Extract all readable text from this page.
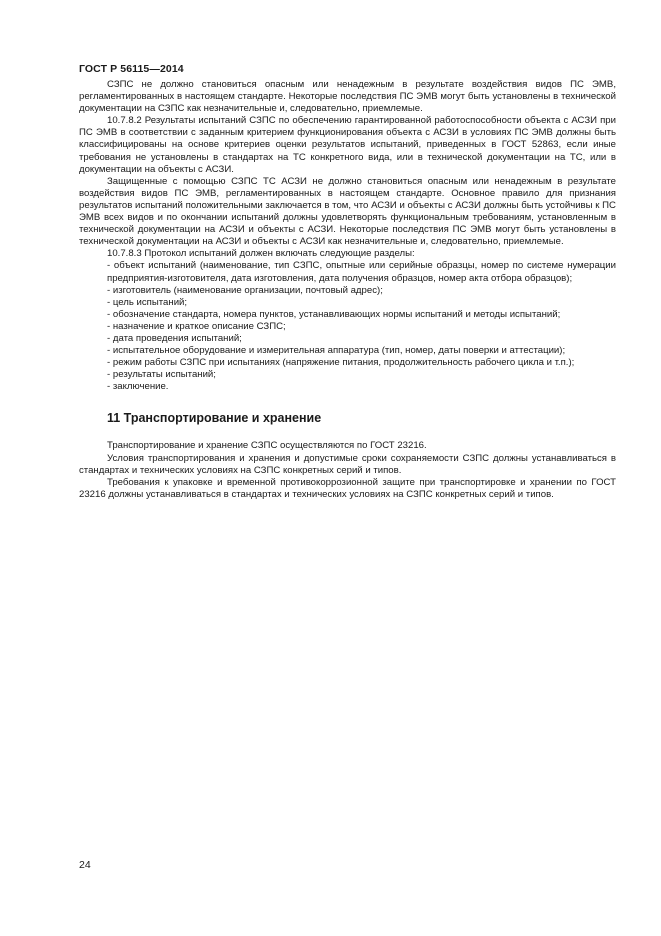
ГОСТ Р 56115—2014

СЗПС не должно становиться опасным или ненадежным в результате воздействия видов ПС ЭМВ, регламентированных в настоящем стандарте. Некоторые последствия ПС ЭМВ могут быть установлены в технической документации на СЗПС как незначительные и, следовательно, приемлемые.

10.7.8.2 Результаты испытаний СЗПС по обеспечению гарантированной работоспособности объекта с АСЗИ при ПС ЭМВ в соответствии с заданным критерием функционирования объекта с АСЗИ в условиях ПС ЭМВ должны быть классифицированы на основе критериев оценки результатов испытаний, приведенных в ГОСТ 52863, если иные требования не установлены в стандартах на ТС конкретного вида, или в технической документации на ТС, или в документации на объекты с АСЗИ.

Защищенные с помощью СЗПС ТС АСЗИ не должно становиться опасным или ненадежным в результате воздействия видов ПС ЭМВ, регламентированных в настоящем стандарте. Основное правило для признания результатов испытаний положительными заключается в том, что АСЗИ и объекты с АСЗИ должны быть устойчивы к ПС ЭМВ всех видов и по окончании испытаний должны удовлетворять функциональным требованиям, установленным в технической документации на АСЗИ и объекты с АСЗИ. Некоторые последствия ПС ЭМВ могут быть установлены в технической документации на АСЗИ и объекты с АСЗИ как незначительные и, следовательно, приемлемые.

10.7.8.3 Протокол испытаний должен включать следующие разделы:

- объект испытаний (наименование, тип СЗПС, опытные или серийные образцы, номер по системе нумерации предприятия-изготовителя, дата изготовления, дата получения образцов, номер акта отбора образцов);

- изготовитель (наименование организации, почтовый адрес);

- цель испытаний;

- обозначение стандарта, номера пунктов, устанавливающих нормы испытаний и методы испытаний;

- назначение и краткое описание СЗПС;

- дата проведения испытаний;

- испытательное оборудование и измерительная аппаратура (тип, номер, даты поверки и аттестации);

- режим работы СЗПС при испытаниях (напряжение питания, продолжительность рабочего цикла и т.п.);

- результаты испытаний;

- заключение.

11 Транспортирование и хранение

Транспортирование и хранение СЗПС осуществляются по ГОСТ 23216.

Условия транспортирования и хранения и допустимые сроки сохраняемости СЗПС должны устанавливаться в стандартах и технических условиях на СЗПС конкретных серий и типов.

Требования к упаковке и временной противокоррозионной защите при транспортировке и хранении по ГОСТ 23216 должны устанавливаться в стандартах и технических условиях на СЗПС конкретных серий и типов.

24
